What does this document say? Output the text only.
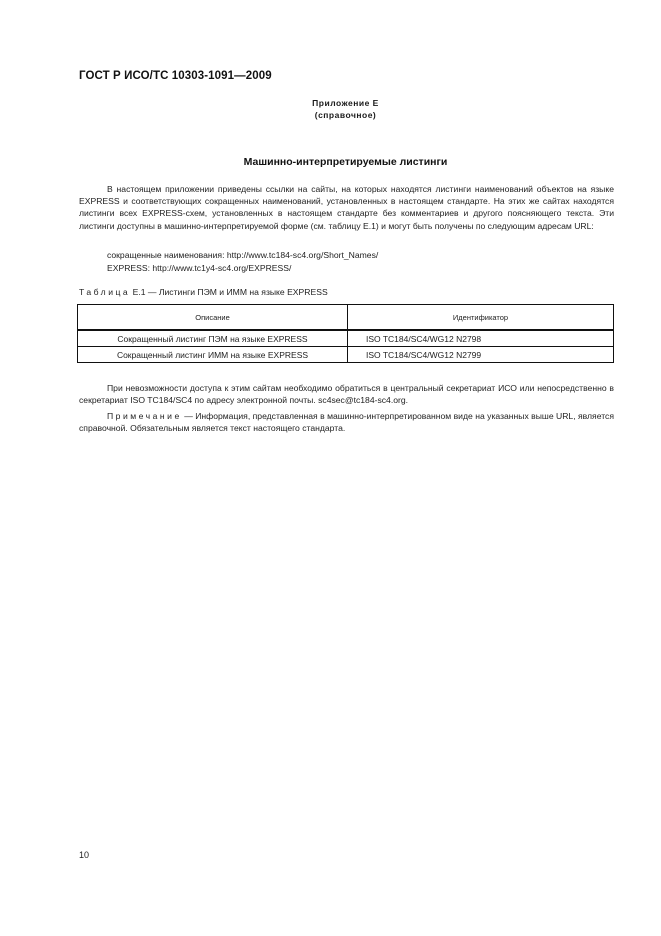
ГОСТ Р ИСО/ТС 10303-1091—2009
Приложение E
(справочное)
Машинно-интерпретируемые листинги
В настоящем приложении приведены ссылки на сайты, на которых находятся листинги наименований объектов на языке EXPRESS и соответствующих сокращенных наименований, установленных в настоящем стандарте. На этих же сайтах находятся листинги всех EXPRESS-схем, установленных в настоящем стандарте без комментариев и другого поясняющего текста. Эти листинги доступны в машинно-интерпретируемой форме (см. таблицу E.1) и могут быть получены по следующим адресам URL:
сокращенные наименования: http://www.tc184-sc4.org/Short_Names/
EXPRESS: http://www.tc1y4-sc4.org/EXPRESS/
Таблица E.1 — Листинги ПЭМ и ИММ на языке EXPRESS
Описание	Идентификатор
Сокращенный листинг ПЭМ на языке EXPRESS	ISO TC184/SC4/WG12 N2798
Сокращенный листинг ИММ на языке EXPRESS	ISO TC184/SC4/WG12 N2799
При невозможности доступа к этим сайтам необходимо обратиться в центральный секретариат ИСО или непосредственно в секретариат ISO TC184/SC4 по адресу электронной почты. sc4sec@tc184-sc4.org.
Примечание — Информация, представленная в машинно-интерпретированном виде на указанных выше URL, является справочной. Обязательным является текст настоящего стандарта.
10
